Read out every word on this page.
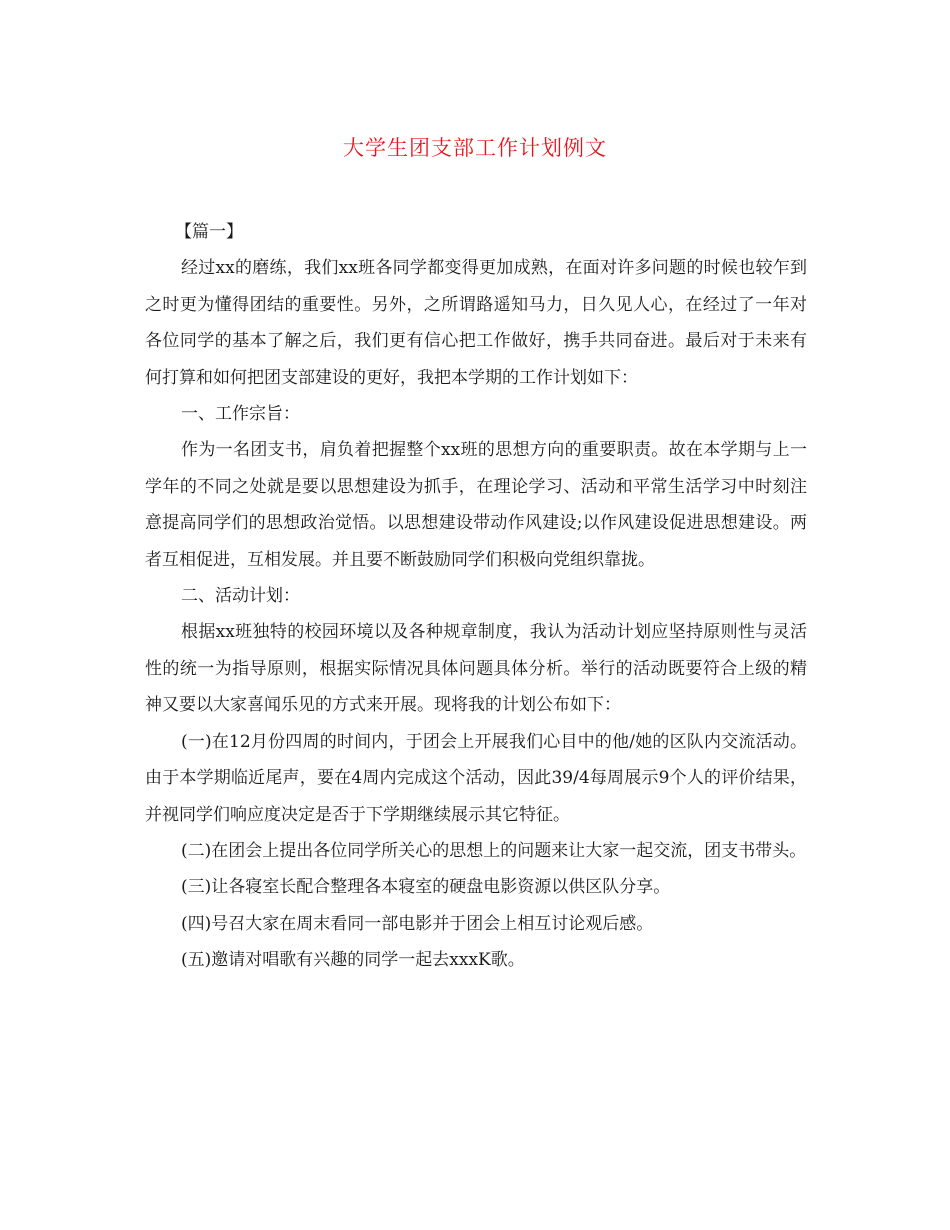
大学生团支部工作计划例文

【篇一】

经过xx的磨练，我们xx班各同学都变得更加成熟，在面对许多问题的时候也较乍到之时更为懂得团结的重要性。另外，之所谓路遥知马力，日久见人心，在经过了一年对各位同学的基本了解之后，我们更有信心把工作做好，携手共同奋进。最后对于未来有何打算和如何把团支部建设的更好，我把本学期的工作计划如下：

一、工作宗旨：

作为一名团支书，肩负着把握整个xx班的思想方向的重要职责。故在本学期与上一学年的不同之处就是要以思想建设为抓手，在理论学习、活动和平常生活学习中时刻注意提高同学们的思想政治觉悟。以思想建设带动作风建设;以作风建设促进思想建设。两者互相促进，互相发展。并且要不断鼓励同学们积极向党组织靠拢。

二、活动计划：

根据xx班独特的校园环境以及各种规章制度，我认为活动计划应坚持原则性与灵活性的统一为指导原则，根据实际情况具体问题具体分析。举行的活动既要符合上级的精神又要以大家喜闻乐见的方式来开展。现将我的计划公布如下：

(一)在12月份四周的时间内，于团会上开展我们心目中的他/她的区队内交流活动。由于本学期临近尾声，要在4周内完成这个活动，因此39/4每周展示9个人的评价结果，并视同学们响应度决定是否于下学期继续展示其它特征。

(二)在团会上提出各位同学所关心的思想上的问题来让大家一起交流，团支书带头。

(三)让各寝室长配合整理各本寝室的硬盘电影资源以供区队分享。

(四)号召大家在周末看同一部电影并于团会上相互讨论观后感。

(五)邀请对唱歌有兴趣的同学一起去xxxK歌。
